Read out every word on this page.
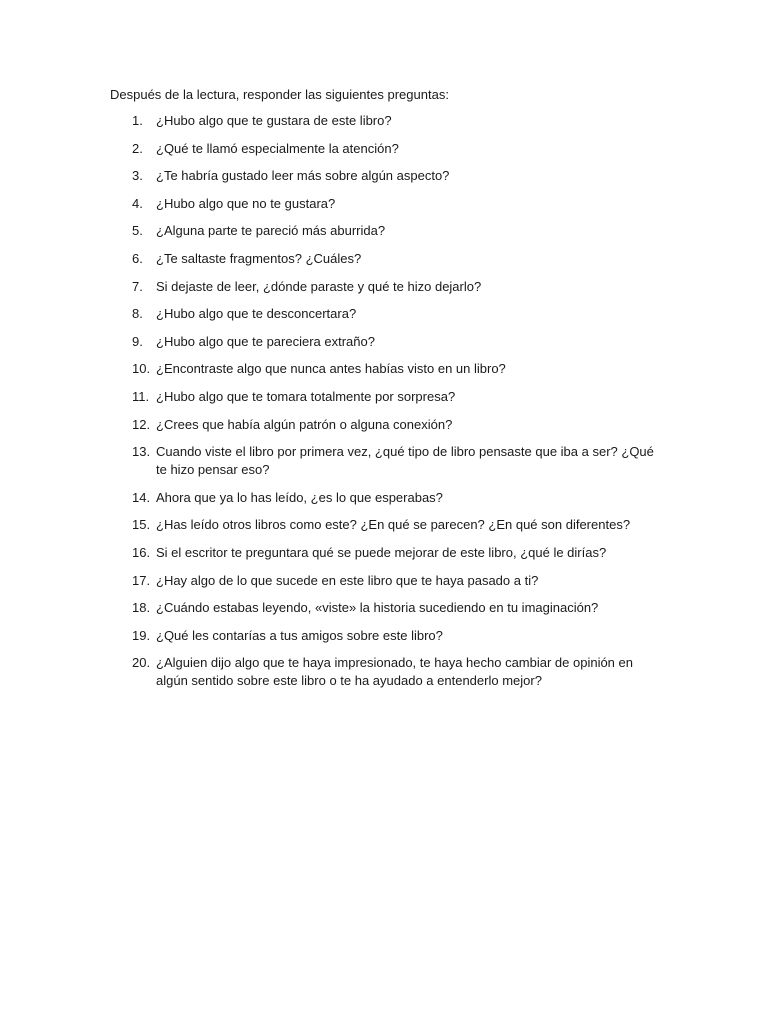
Después de la lectura, responder las siguientes preguntas:

1.	¿Hubo algo que te gustara de este libro?
2.	¿Qué te llamó especialmente la atención?
3.	¿Te habría gustado leer más sobre algún aspecto?
4.	¿Hubo algo que no te gustara?
5.	¿Alguna parte te pareció más aburrida?
6.	¿Te saltaste fragmentos? ¿Cuáles?
7.	Si dejaste de leer, ¿dónde paraste y qué te hizo dejarlo?
8.	¿Hubo algo que te desconcertara?
9.	¿Hubo algo que te pareciera extraño?
10. ¿Encontraste algo que nunca antes habías visto en un libro?
11. ¿Hubo algo que te tomara totalmente por sorpresa?
12. ¿Crees que había algún patrón o alguna conexión?
13. Cuando viste el libro por primera vez, ¿qué tipo de libro pensaste que iba a ser? ¿Qué te hizo pensar eso?
14. Ahora que ya lo has leído, ¿es lo que esperabas?
15. ¿Has leído otros libros como este? ¿En qué se parecen? ¿En qué son diferentes?
16. Si el escritor te preguntara qué se puede mejorar de este libro, ¿qué le dirías?
17. ¿Hay algo de lo que sucede en este libro que te haya pasado a ti?
18. ¿Cuándo estabas leyendo, «viste» la historia sucediendo en tu imaginación?
19. ¿Qué les contarías a tus amigos sobre este libro?
20. ¿Alguien dijo algo que te haya impresionado, te haya hecho cambiar de opinión en algún sentido sobre este libro o te ha ayudado a entenderlo mejor?
